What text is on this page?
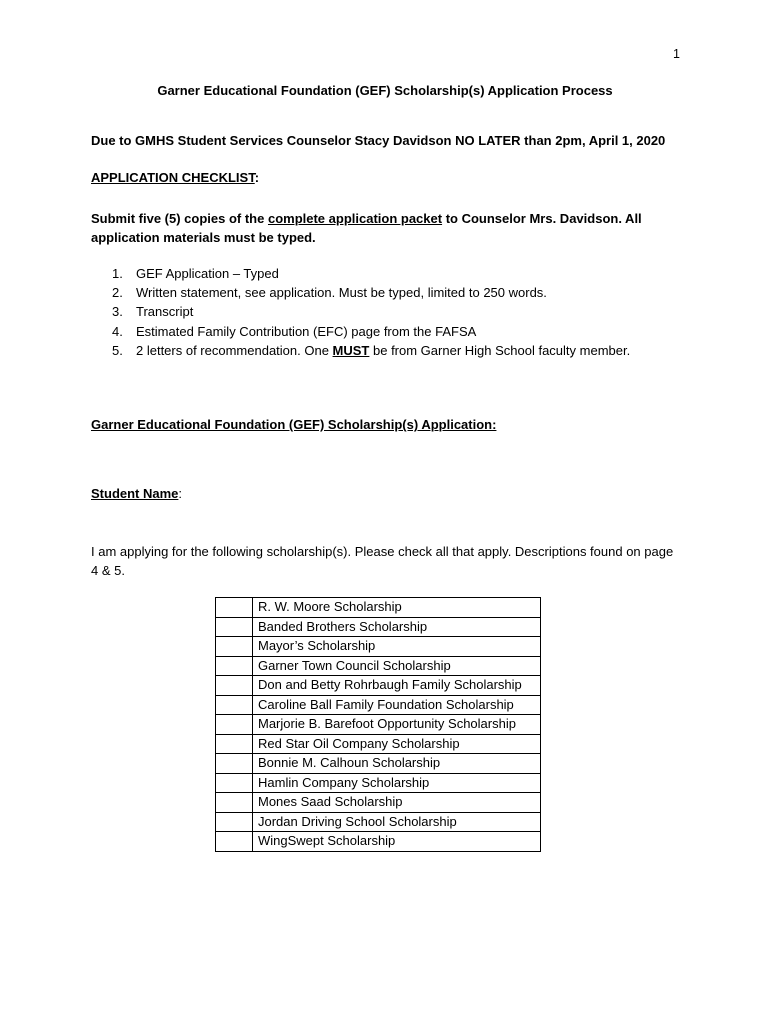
1
Garner Educational Foundation (GEF) Scholarship(s) Application Process
Due to GMHS Student Services Counselor Stacy Davidson NO LATER than 2pm, April 1, 2020
APPLICATION CHECKLIST:
Submit five (5) copies of the complete application packet to Counselor Mrs. Davidson. All application materials must be typed.
1.	GEF Application – Typed
2.	Written statement, see application. Must be typed, limited to 250 words.
3.	Transcript
4.	Estimated Family Contribution (EFC) page from the FAFSA
5.	2 letters of recommendation. One MUST be from Garner High School faculty member.
Garner Educational Foundation (GEF) Scholarship(s) Application:
Student Name:
I am applying for the following scholarship(s). Please check all that apply. Descriptions found on page 4 & 5.
	R. W. Moore Scholarship
	Banded Brothers Scholarship
	Mayor’s Scholarship
	Garner Town Council Scholarship
	Don and Betty Rohrbaugh Family Scholarship
	Caroline Ball Family Foundation Scholarship
	Marjorie B. Barefoot Opportunity Scholarship
	Red Star Oil Company Scholarship
	Bonnie M. Calhoun Scholarship
	Hamlin Company Scholarship
	Mones Saad Scholarship
	Jordan Driving School Scholarship
	WingSwept Scholarship
